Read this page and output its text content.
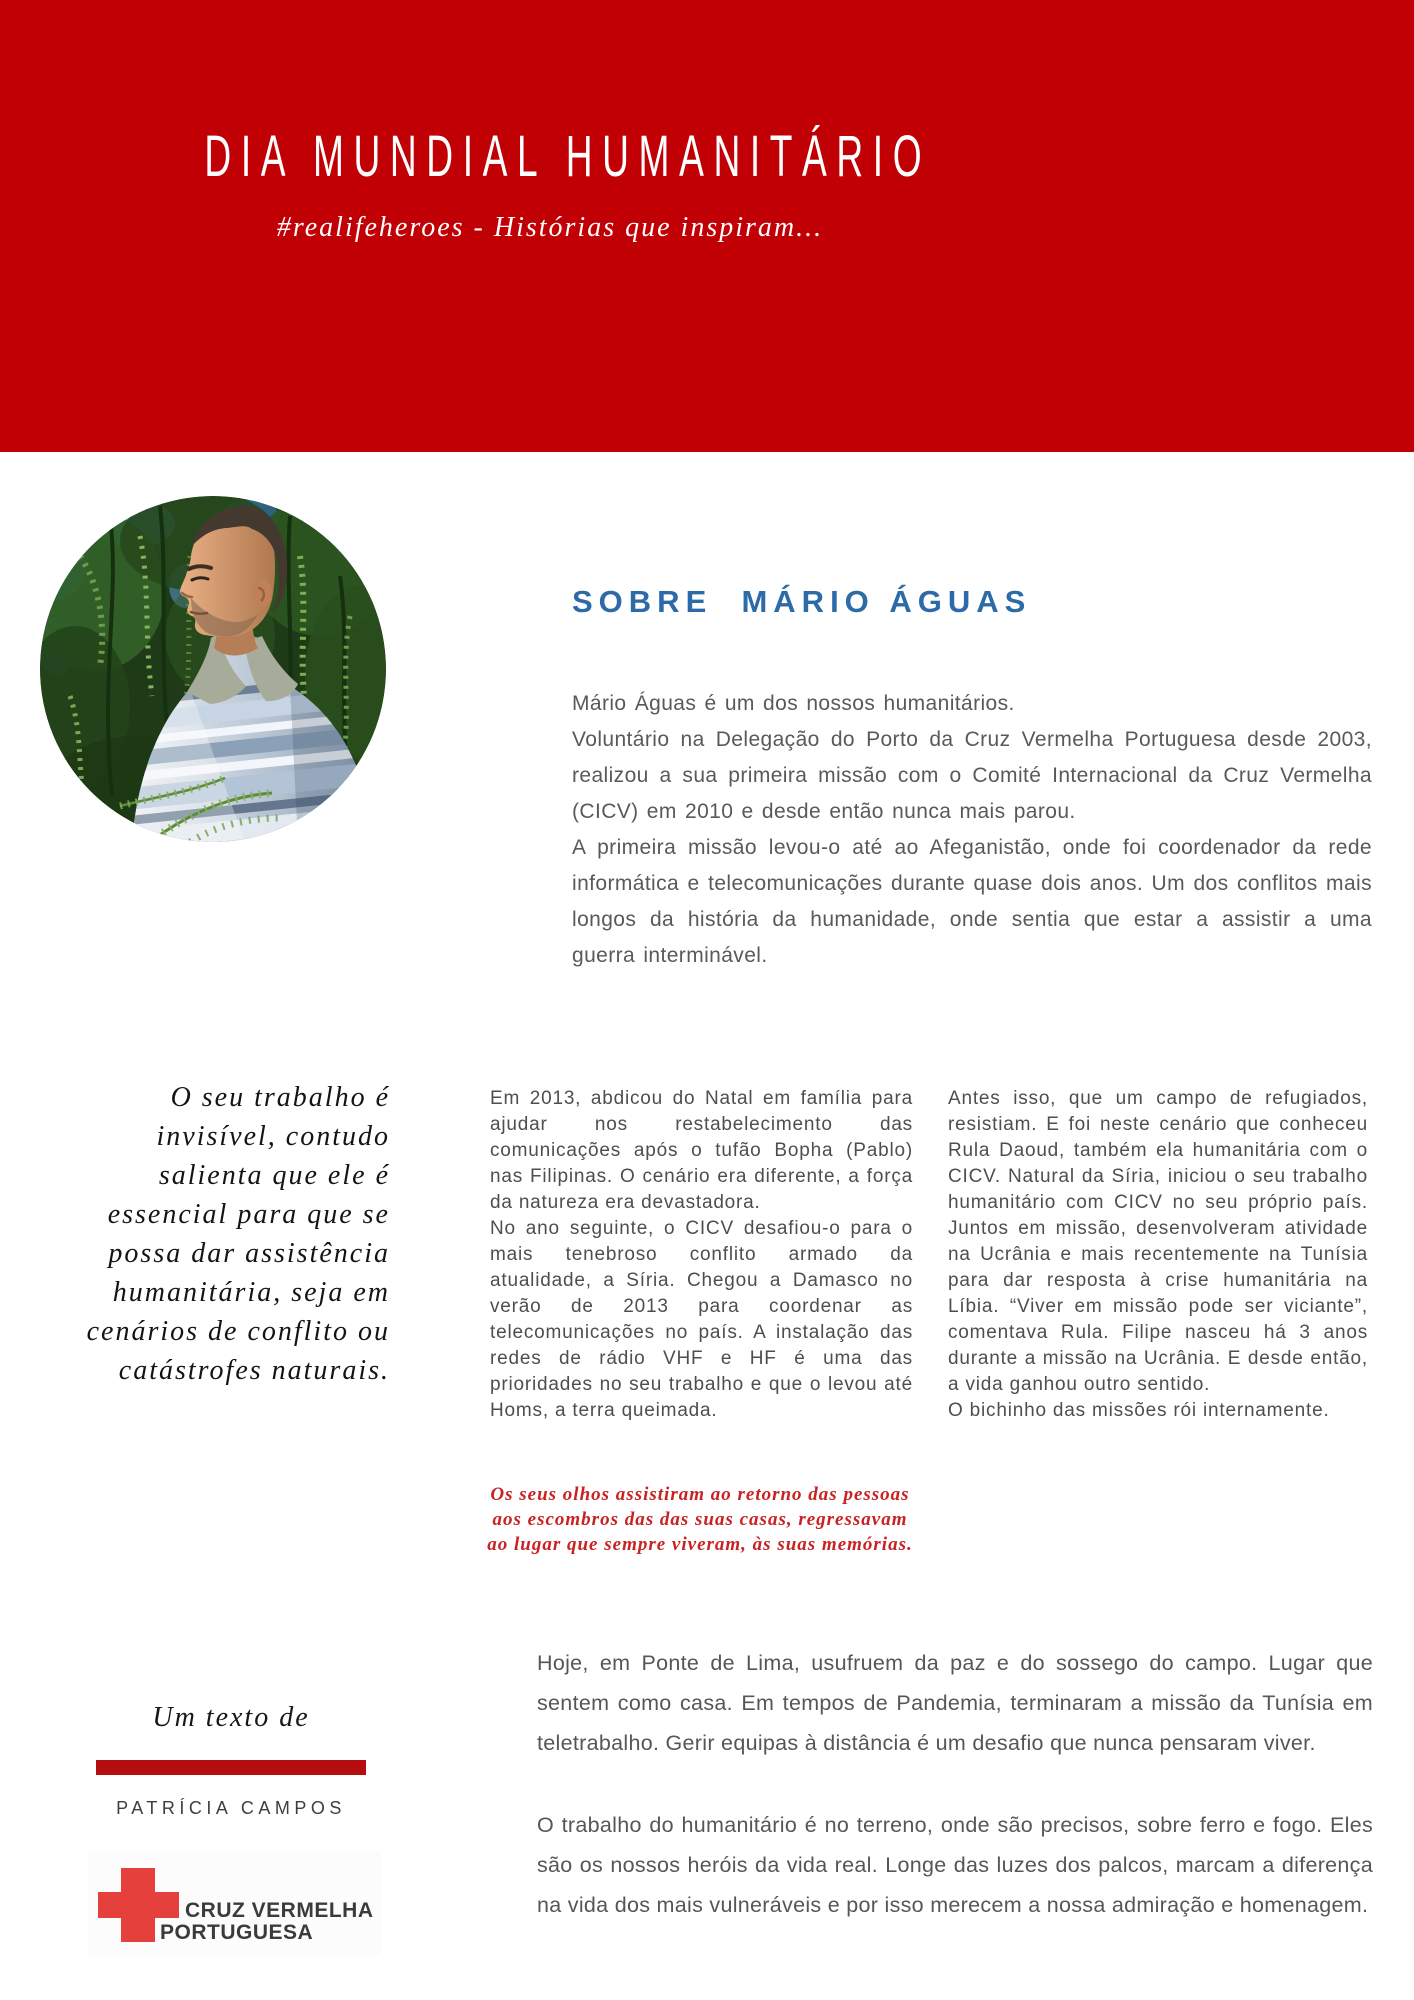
DIA MUNDIAL HUMANITÁRIO

#realifeheroes - Histórias que inspiram...

SOBRE  MÁRIO ÁGUAS

Mário Águas é um dos nossos humanitários.

Voluntário na Delegação do Porto da Cruz Vermelha Portuguesa desde 2003, realizou a sua primeira missão com o Comité Internacional da Cruz Vermelha (CICV) em 2010 e desde então nunca mais parou.

A primeira missão levou-o até ao Afeganistão, onde foi coordenador da rede informática e telecomunicações durante quase dois anos. Um dos conflitos mais longos da história da humanidade, onde sentia que estar a assistir a uma guerra interminável.

O seu trabalho é invisível, contudo salienta que ele é essencial para que se possa dar assistência humanitária, seja em cenários de conflito ou catástrofes naturais.

Em 2013, abdicou do Natal em família para ajudar nos restabelecimento das comunicações após o tufão Bopha (Pablo) nas Filipinas. O cenário era diferente, a força da natureza era devastadora.

No ano seguinte, o CICV desafiou-o para o mais tenebroso conflito armado da atualidade, a Síria. Chegou a Damasco no verão de 2013 para coordenar as telecomunicações no país. A instalação das redes de rádio VHF e HF é uma das prioridades no seu trabalho e que o levou até Homs, a terra queimada.

Antes isso, que um campo de refugiados, resistiam. E foi neste cenário que conheceu Rula Daoud, também ela humanitária com o CICV. Natural da Síria, iniciou o seu trabalho humanitário com CICV no seu próprio país. Juntos em missão, desenvolveram atividade na Ucrânia e mais recentemente na Tunísia para dar resposta à crise humanitária na Líbia. “Viver em missão pode ser viciante”, comentava Rula. Filipe nasceu há 3 anos durante a missão na Ucrânia. E desde então, a vida ganhou outro sentido.

O bichinho das missões rói internamente.

Os seus olhos assistiram ao retorno das pessoas aos escombros das das suas casas, regressavam ao lugar que sempre viveram, às suas memórias.

Um texto de

PATRÍCIA CAMPOS

CRUZ VERMELHA
PORTUGUESA

Hoje, em Ponte de Lima, usufruem da paz e do sossego do campo. Lugar que sentem como casa. Em tempos de Pandemia, terminaram a missão da Tunísia em teletrabalho. Gerir equipas à distância é um desafio que nunca pensaram viver.

O trabalho do humanitário é no terreno, onde são precisos, sobre ferro e fogo. Eles são os nossos heróis da vida real. Longe das luzes dos palcos, marcam a diferença na vida dos mais vulneráveis e por isso merecem a nossa admiração e homenagem.
